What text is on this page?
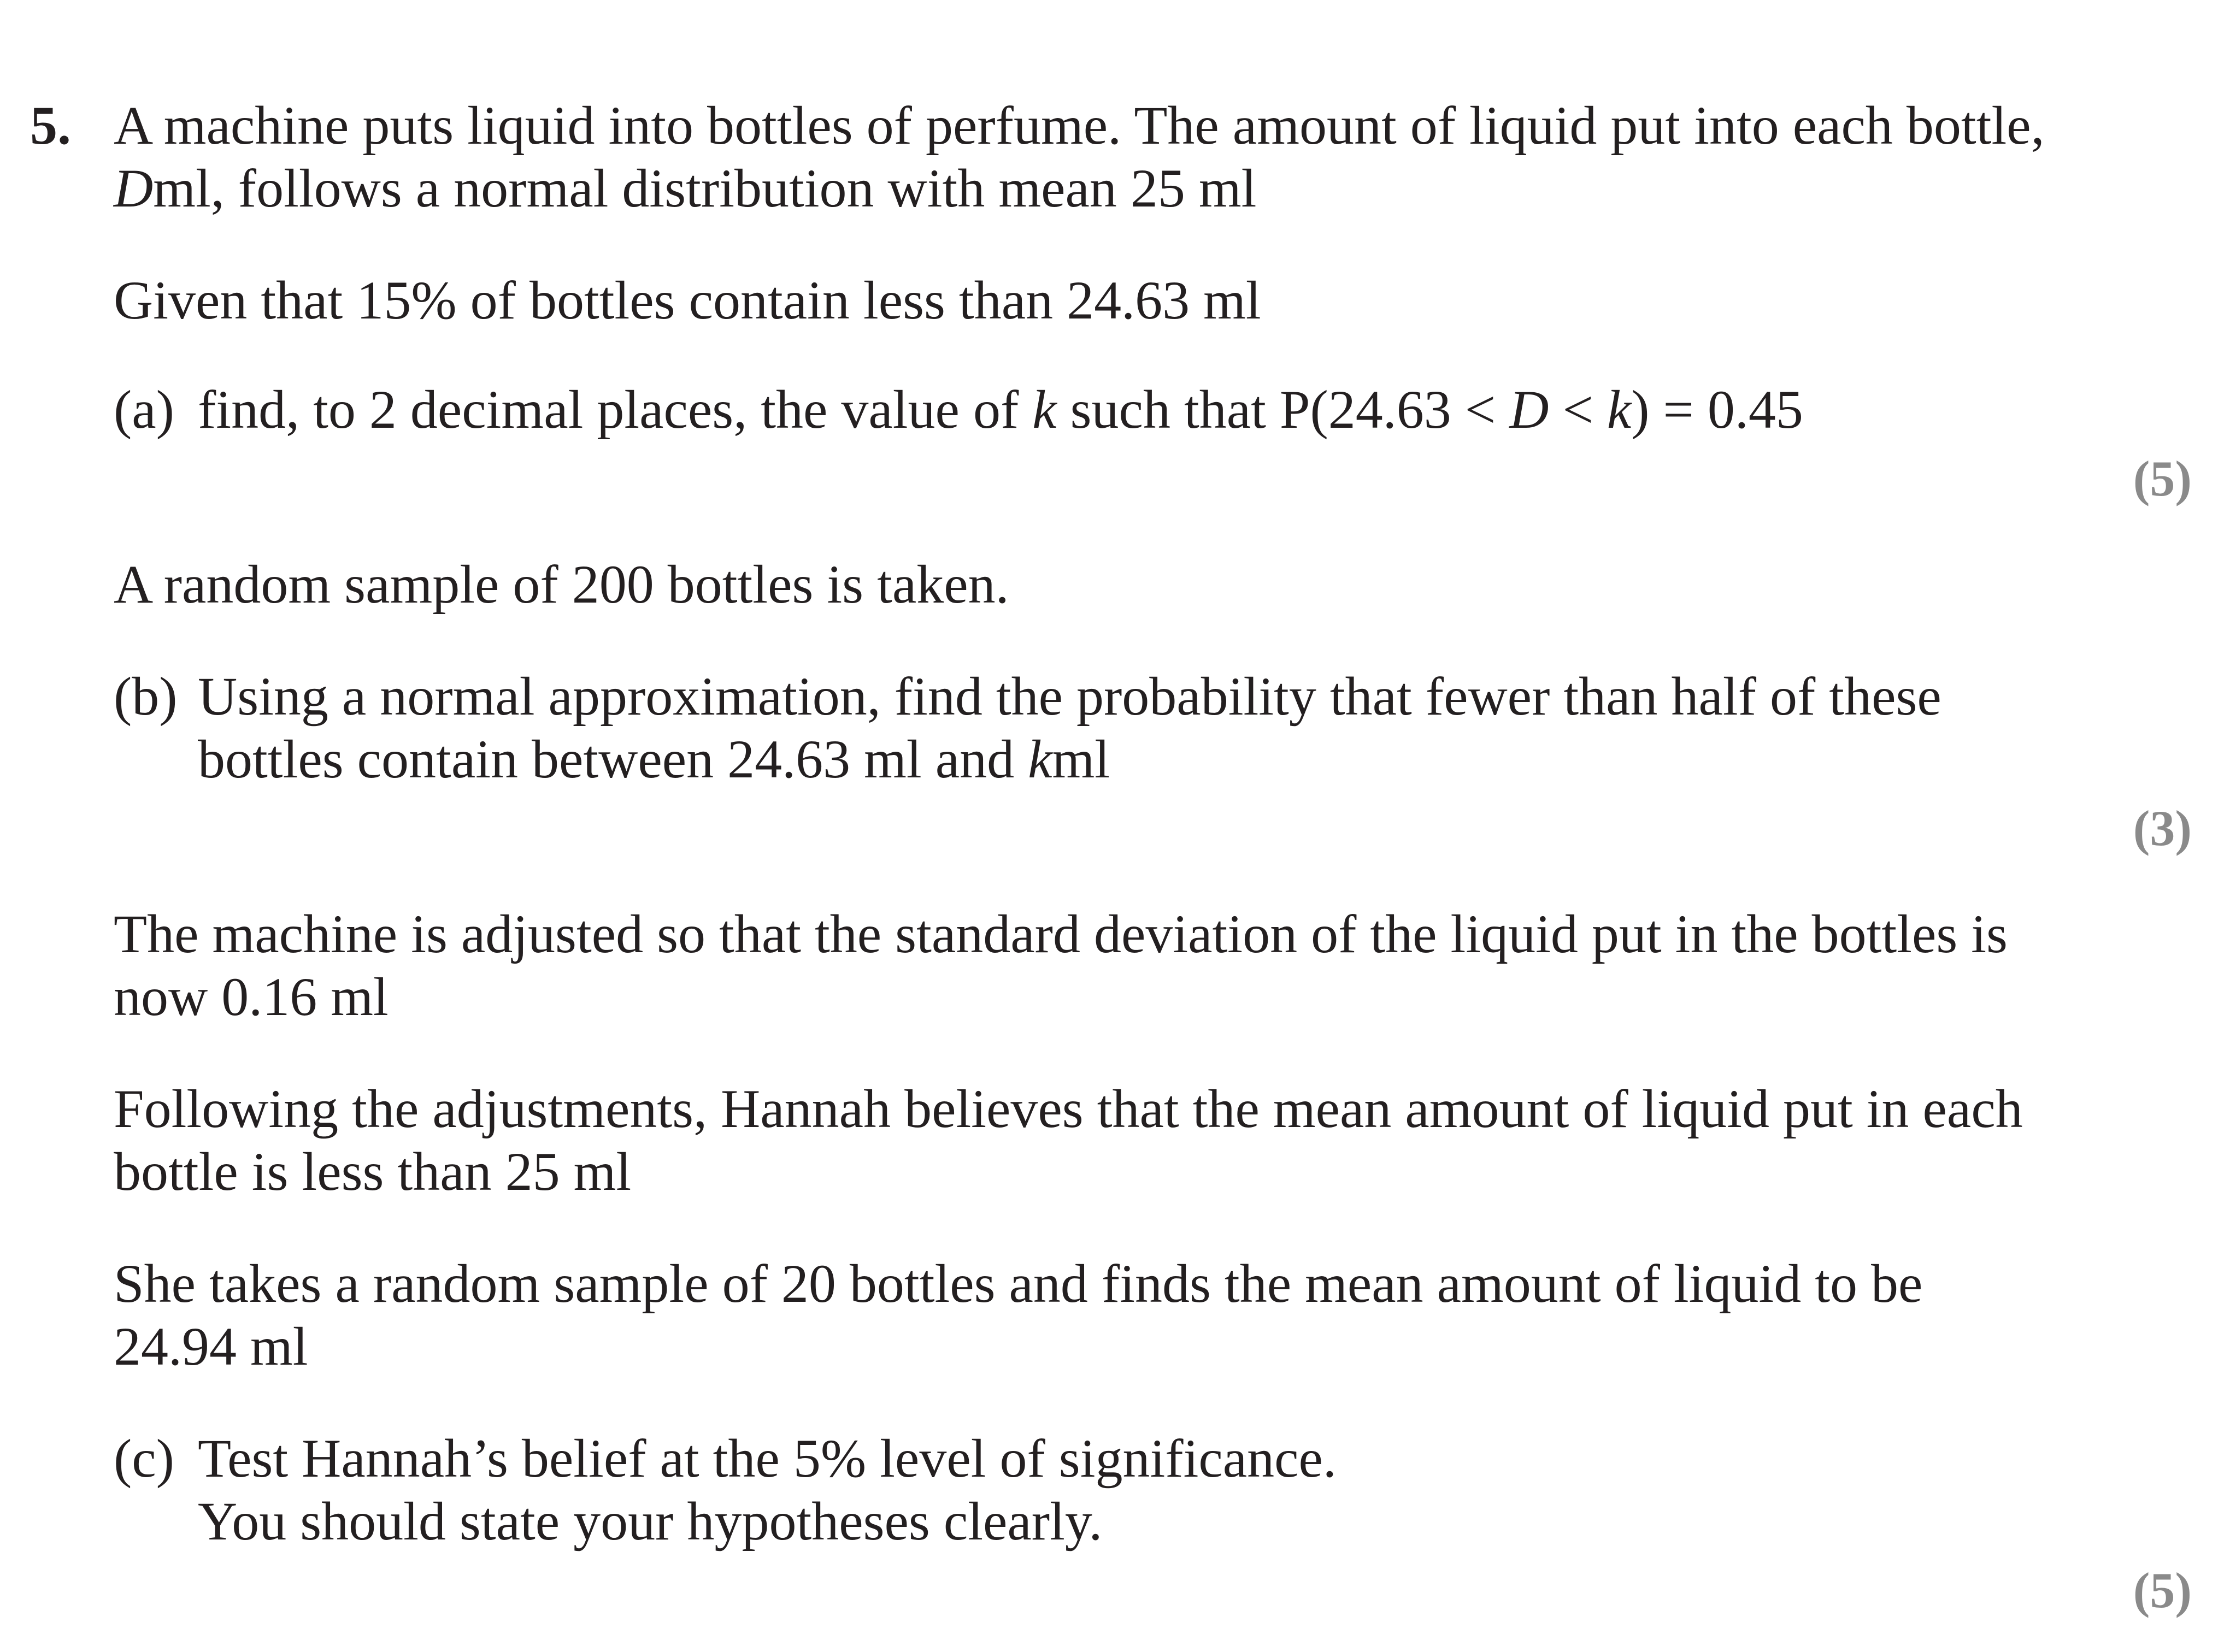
5. A machine puts liquid into bottles of perfume. The amount of liquid put into each bottle,

Dml, follows a normal distribution with mean 25 ml

Given that 15% of bottles contain less than 24.63 ml

(a) find, to 2 decimal places, the value of k such that P(24.63 < D < k) = 0.45

(5)

A random sample of 200 bottles is taken.

(b) Using a normal approximation, find the probability that fewer than half of these

bottles contain between 24.63 ml and kml

(3)

The machine is adjusted so that the standard deviation of the liquid put in the bottles is

now 0.16 ml

Following the adjustments, Hannah believes that the mean amount of liquid put in each

bottle is less than 25 ml

She takes a random sample of 20 bottles and finds the mean amount of liquid to be

24.94 ml

(c) Test Hannah’s belief at the 5% level of significance.

You should state your hypotheses clearly.

(5)
